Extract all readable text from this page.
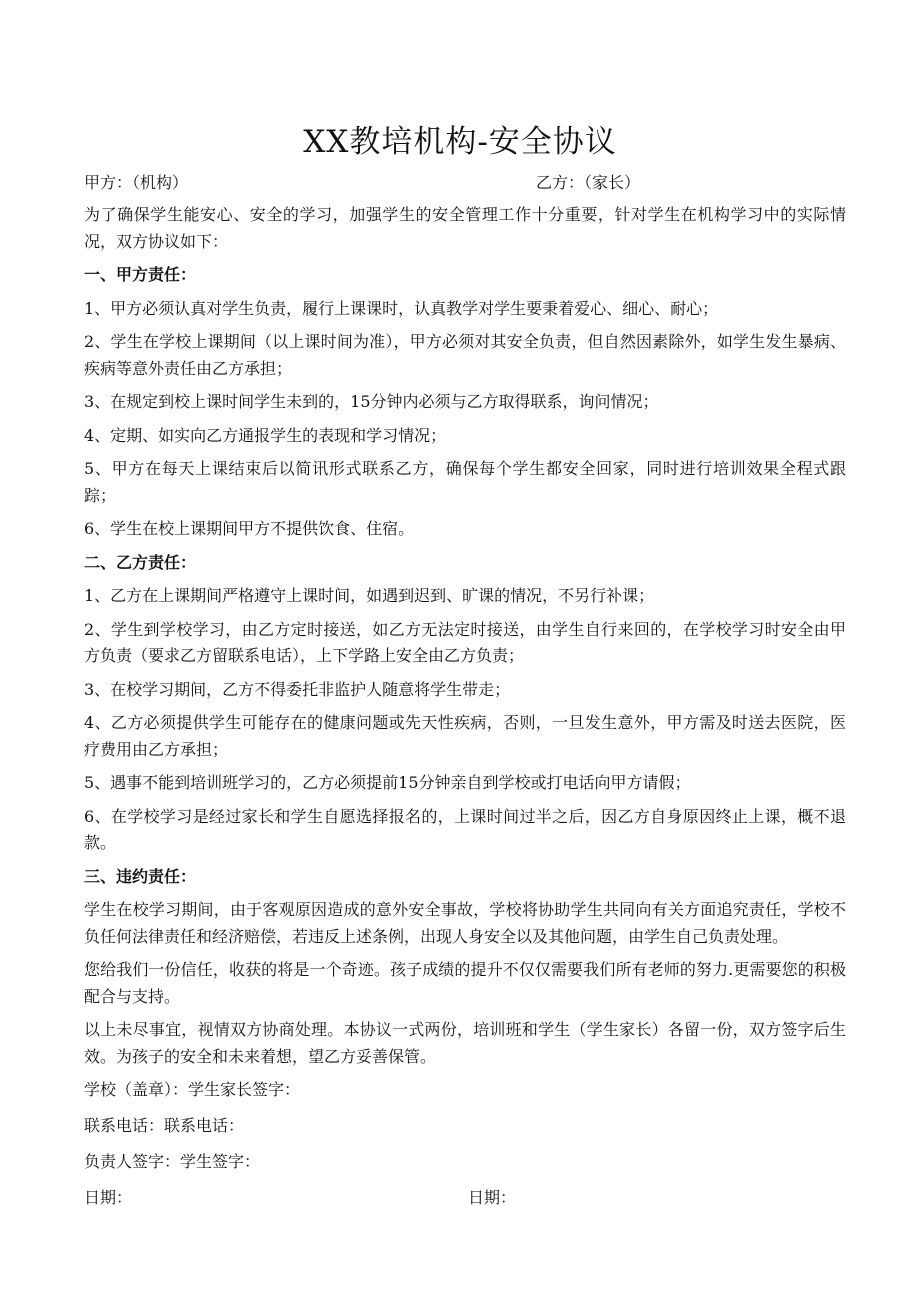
XX教培机构-安全协议
甲方：（机构）	乙方：（家长）

为了确保学生能安心、安全的学习，加强学生的安全管理工作十分重要，针对学生在机构学习中的实际情况，双方协议如下：

一、甲方责任：

1、甲方必须认真对学生负责，履行上课课时，认真教学对学生要秉着爱心、细心、耐心；

2、学生在学校上课期间（以上课时间为准），甲方必须对其安全负责，但自然因素除外，如学生发生暴病、疾病等意外责任由乙方承担；

3、在规定到校上课时间学生未到的，15分钟内必须与乙方取得联系，询问情况；

4、定期、如实向乙方通报学生的表现和学习情况；

5、甲方在每天上课结束后以简讯形式联系乙方，确保每个学生都安全回家，同时进行培训效果全程式跟踪；

6、学生在校上课期间甲方不提供饮食、住宿。

二、乙方责任：

1、乙方在上课期间严格遵守上课时间，如遇到迟到、旷课的情况，不另行补课；

2、学生到学校学习，由乙方定时接送，如乙方无法定时接送，由学生自行来回的，在学校学习时安全由甲方负责（要求乙方留联系电话），上下学路上安全由乙方负责；

3、在校学习期间，乙方不得委托非监护人随意将学生带走；

4、乙方必须提供学生可能存在的健康问题或先天性疾病，否则，一旦发生意外，甲方需及时送去医院，医疗费用由乙方承担；

5、遇事不能到培训班学习的，乙方必须提前15分钟亲自到学校或打电话向甲方请假；

6、在学校学习是经过家长和学生自愿选择报名的，上课时间过半之后，因乙方自身原因终止上课，概不退款。

三、违约责任：

学生在校学习期间，由于客观原因造成的意外安全事故，学校将协助学生共同向有关方面追究责任，学校不负任何法律责任和经济赔偿，若违反上述条例，出现人身安全以及其他问题，由学生自己负责处理。

您给我们一份信任，收获的将是一个奇迹。孩子成绩的提升不仅仅需要我们所有老师的努力.更需要您的积极配合与支持。

以上未尽事宜，视情双方协商处理。本协议一式两份，培训班和学生（学生家长）各留一份，双方签字后生效。为孩子的安全和未来着想，望乙方妥善保管。

学校（盖章）：学生家长签字：
联系电话：联系电话：
负责人签字：学生签字：
日期：	日期：
